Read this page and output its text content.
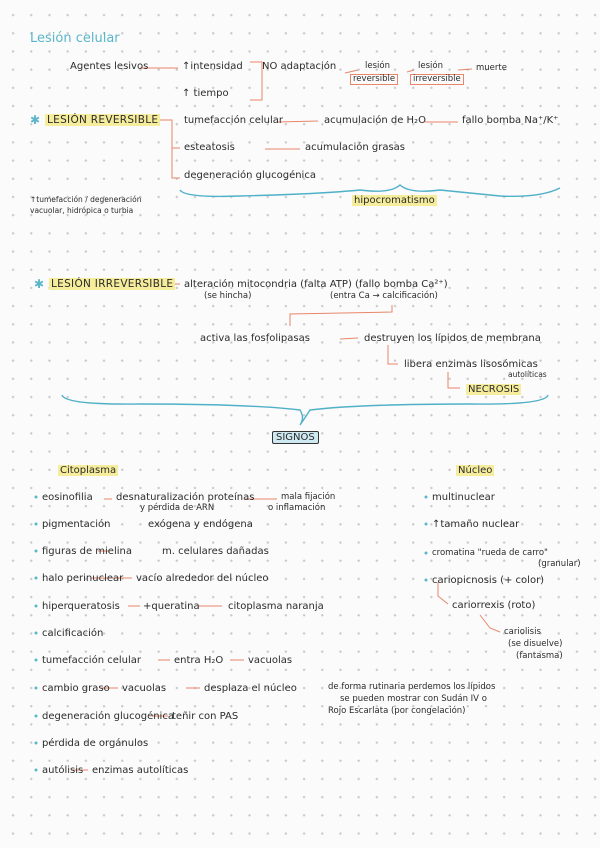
Lesión celular
Agentes lesivos	↑intensidad
↑ tiempo
NO adaptación	lesión
reversible
lesión
irreversible
muerte
✱ LESIÓN REVERSIBLE	tumefacción celular	acumulación de H₂O	fallo bomba Na⁺/K⁺
esteatosis	acumulación grasas
degeneración glucogénica
↑tumefacción / degeneración
vacuolar, hidrópica o turbia
hipocromatismo
✱ LESIÓN IRREVERSIBLE alteración mitocondria (falta ATP) (fallo bomba Ca²⁺)
(se hincha)	(entra Ca → calcificación)
activa las fosfolipasas	destruyen los lípidos de membrana
libera enzimas lisosómicas
autolíticas
NECROSIS
SIGNOS
Citoplasma
eosinofilia desnaturalización proteínas
y pérdida de ARN
mala fijación
o inflamación
pigmentación	exógena y endógena
figuras de mielina	m. celulares dañadas
halo perinuclear vacío alrededor del núcleo
hiperqueratosis +queratina	citoplasma naranja
calcificación
tumefacción celular	entra H₂O vacuolas
cambio graso vacuolas	desplaza el núcleo	de forma rutinaria perdemos los lípidos
se pueden mostrar con Sudán IV o
Rojo Escarlata (por congelación)
degeneración glucogénica
teñir con PAS
pérdida de orgánulos
autólisis enzimas autolíticas
Núcleo
multinuclear
↑tamaño nuclear
cromatina "rueda de carro"
(granular)
cariopicnosis (+ color)
cariorrexis (roto)
cariolisis
(se disuelve)
(fantasma)
